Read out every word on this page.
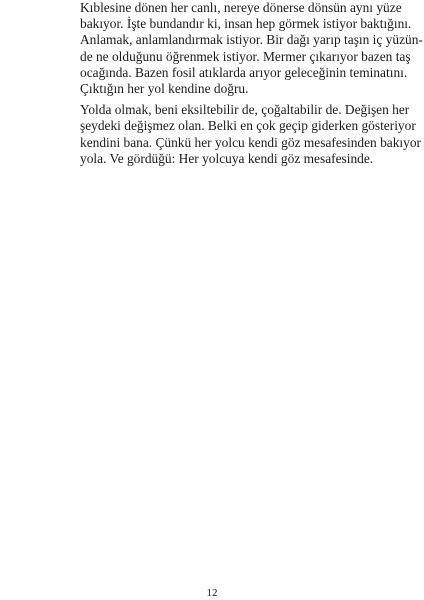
Kıblesine dönen her canlı, nereye dönerse dönsün aynı yüze
bakıyor. İşte bundandır ki, insan hep görmek istiyor baktığını.
Anlamak, anlamlandırmak istiyor. Bir dağı yarıp taşın iç yüzün-
de ne olduğunu öğrenmek istiyor. Mermer çıkarıyor bazen taş
ocağında. Bazen fosil atıklarda arıyor geleceğinin teminatını.
Çıktığın her yol kendine doğru.

Yolda olmak, beni eksiltebilir de, çoğaltabilir de. Değişen her
şeydeki değişmez olan. Belki en çok geçip giderken gösteriyor
kendini bana. Çünkü her yolcu kendi göz mesafesinden bakıyor
yola. Ve gördüğü: Her yolcuya kendi göz mesafesinde.

12
